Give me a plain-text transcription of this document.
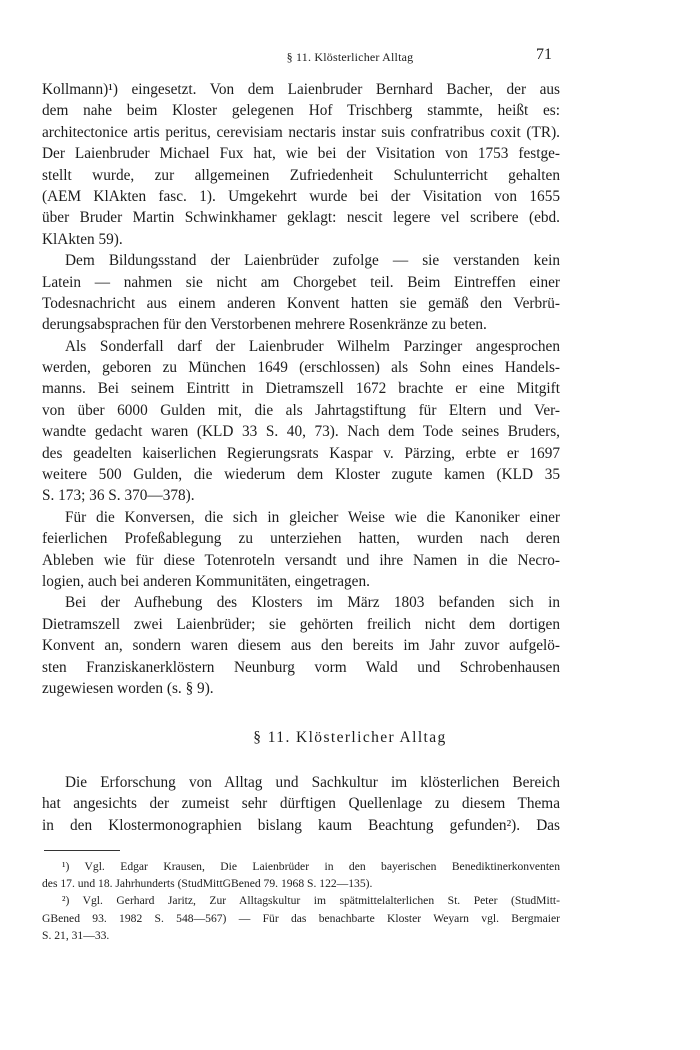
§ 11. Klösterlicher Alltag	71
Kollmann)¹) eingesetzt. Von dem Laienbruder Bernhard Bacher, der aus
dem nahe beim Kloster gelegenen Hof Trischberg stammte, heißt es:
architectonice artis peritus, cerevisiam nectaris instar suis confratribus coxit (TR).
Der Laienbruder Michael Fux hat, wie bei der Visitation von 1753 festge-
stellt wurde, zur allgemeinen Zufriedenheit Schulunterricht gehalten
(AEM KlAkten fasc. 1). Umgekehrt wurde bei der Visitation von 1655
über Bruder Martin Schwinkhamer geklagt: nescit legere vel scribere (ebd.
KlAkten 59).
Dem Bildungsstand der Laienbrüder zufolge — sie verstanden kein
Latein — nahmen sie nicht am Chorgebet teil. Beim Eintreffen einer
Todesnachricht aus einem anderen Konvent hatten sie gemäß den Verbrü-
derungsabsprachen für den Verstorbenen mehrere Rosenkränze zu beten.
Als Sonderfall darf der Laienbruder Wilhelm Parzinger angesprochen
werden, geboren zu München 1649 (erschlossen) als Sohn eines Handels-
manns. Bei seinem Eintritt in Dietramszell 1672 brachte er eine Mitgift
von über 6000 Gulden mit, die als Jahrtagstiftung für Eltern und Ver-
wandte gedacht waren (KLD 33 S. 40, 73). Nach dem Tode seines Bruders,
des geadelten kaiserlichen Regierungsrats Kaspar v. Pärzing, erbte er 1697
weitere 500 Gulden, die wiederum dem Kloster zugute kamen (KLD 35
S. 173; 36 S. 370—378).
Für die Konversen, die sich in gleicher Weise wie die Kanoniker einer
feierlichen Profeßablegung zu unterziehen hatten, wurden nach deren
Ableben wie für diese Totenroteln versandt und ihre Namen in die Necro-
logien, auch bei anderen Kommunitäten, eingetragen.
Bei der Aufhebung des Klosters im März 1803 befanden sich in
Dietramszell zwei Laienbrüder; sie gehörten freilich nicht dem dortigen
Konvent an, sondern waren diesem aus den bereits im Jahr zuvor aufgelö-
sten Franziskanerklöstern Neunburg vorm Wald und Schrobenhausen
zugewiesen worden (s. § 9).
§ 11. Klösterlicher Alltag
Die Erforschung von Alltag und Sachkultur im klösterlichen Bereich
hat angesichts der zumeist sehr dürftigen Quellenlage zu diesem Thema
in den Klostermonographien bislang kaum Beachtung gefunden²). Das
¹) Vgl. Edgar Krausen, Die Laienbrüder in den bayerischen Benediktinerkonventen
des 17. und 18. Jahrhunderts (StudMittGBened 79. 1968 S. 122—135).
²) Vgl. Gerhard Jaritz, Zur Alltagskultur im spätmittelalterlichen St. Peter (StudMitt-
GBened 93. 1982 S. 548—567) — Für das benachbarte Kloster Weyarn vgl. Bergmaier
S. 21, 31—33.
